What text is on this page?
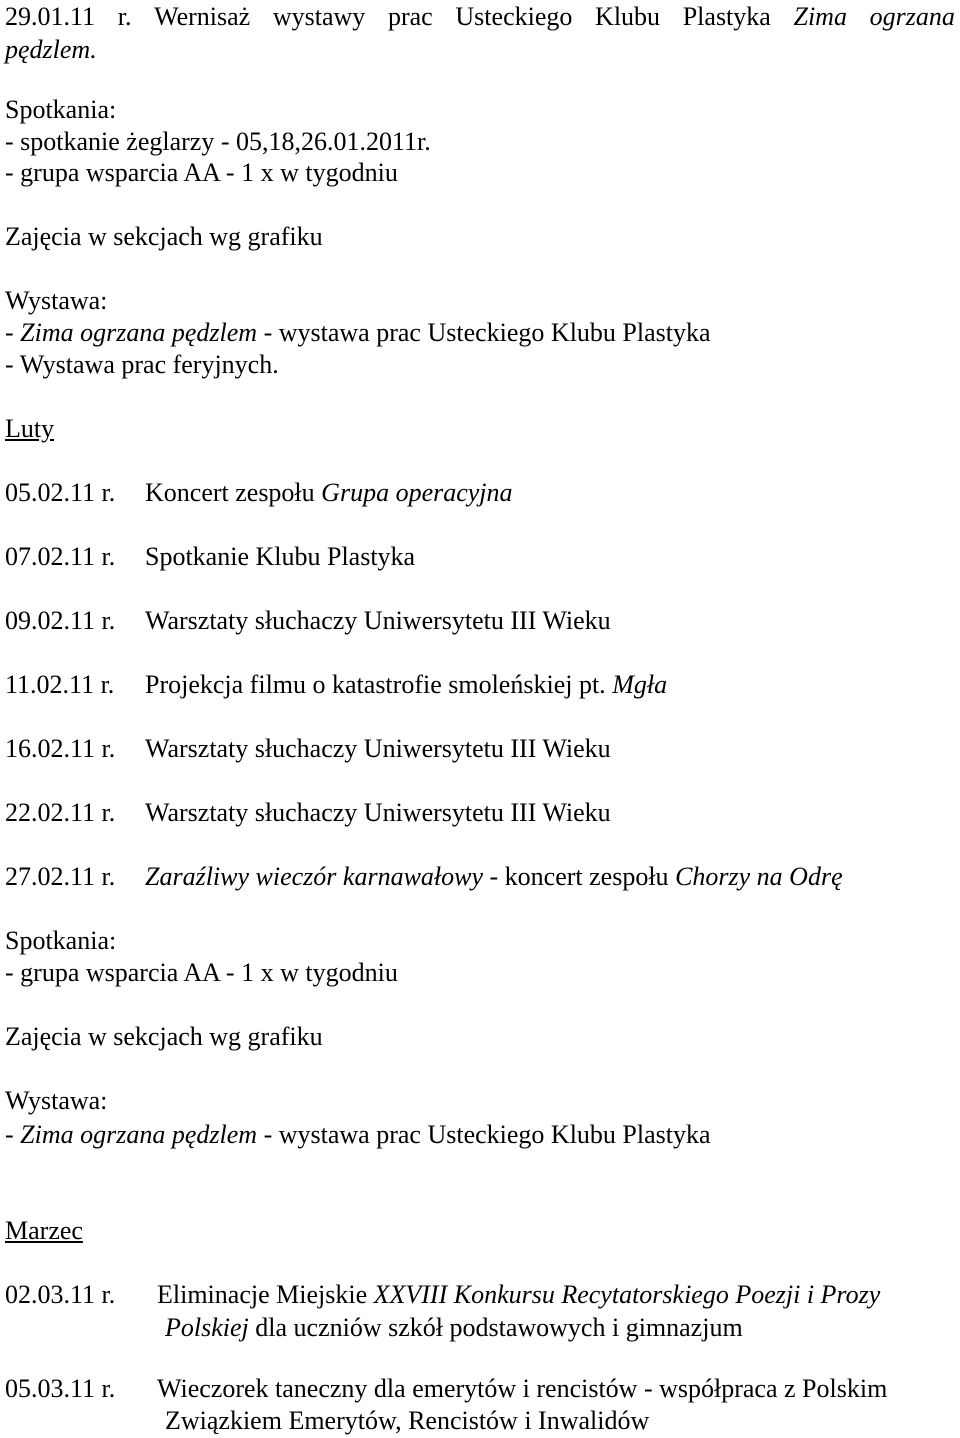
29.01.11 r. Wernisaż wystawy prac Usteckiego Klubu Plastyka Zima ogrzana
pędzlem.
Spotkania:
- spotkanie żeglarzy - 05,18,26.01.2011r.
- grupa wsparcia AA - 1 x w tygodniu
Zajęcia w sekcjach wg grafiku
Wystawa:
- Zima ogrzana pędzlem - wystawa prac Usteckiego Klubu Plastyka
- Wystawa prac feryjnych.
Luty
05.02.11 r. Koncert zespołu Grupa operacyjna
07.02.11 r. Spotkanie Klubu Plastyka
09.02.11 r. Warsztaty słuchaczy Uniwersytetu III Wieku
11.02.11 r. Projekcja filmu o katastrofie smoleńskiej pt. Mgła
16.02.11 r. Warsztaty słuchaczy Uniwersytetu III Wieku
22.02.11 r. Warsztaty słuchaczy Uniwersytetu III Wieku
27.02.11 r. Zaraźliwy wieczór karnawałowy - koncert zespołu Chorzy na Odrę
Spotkania:
- grupa wsparcia AA - 1 x w tygodniu
Zajęcia w sekcjach wg grafiku
Wystawa:
- Zima ogrzana pędzlem - wystawa prac Usteckiego Klubu Plastyka
Marzec
02.03.11 r. Eliminacje Miejskie XXVIII Konkursu Recytatorskiego Poezji i Prozy
Polskiej dla uczniów szkół podstawowych i gimnazjum
05.03.11 r. Wieczorek taneczny dla emerytów i rencistów - współpraca z Polskim
Związkiem Emerytów, Rencistów i Inwalidów
